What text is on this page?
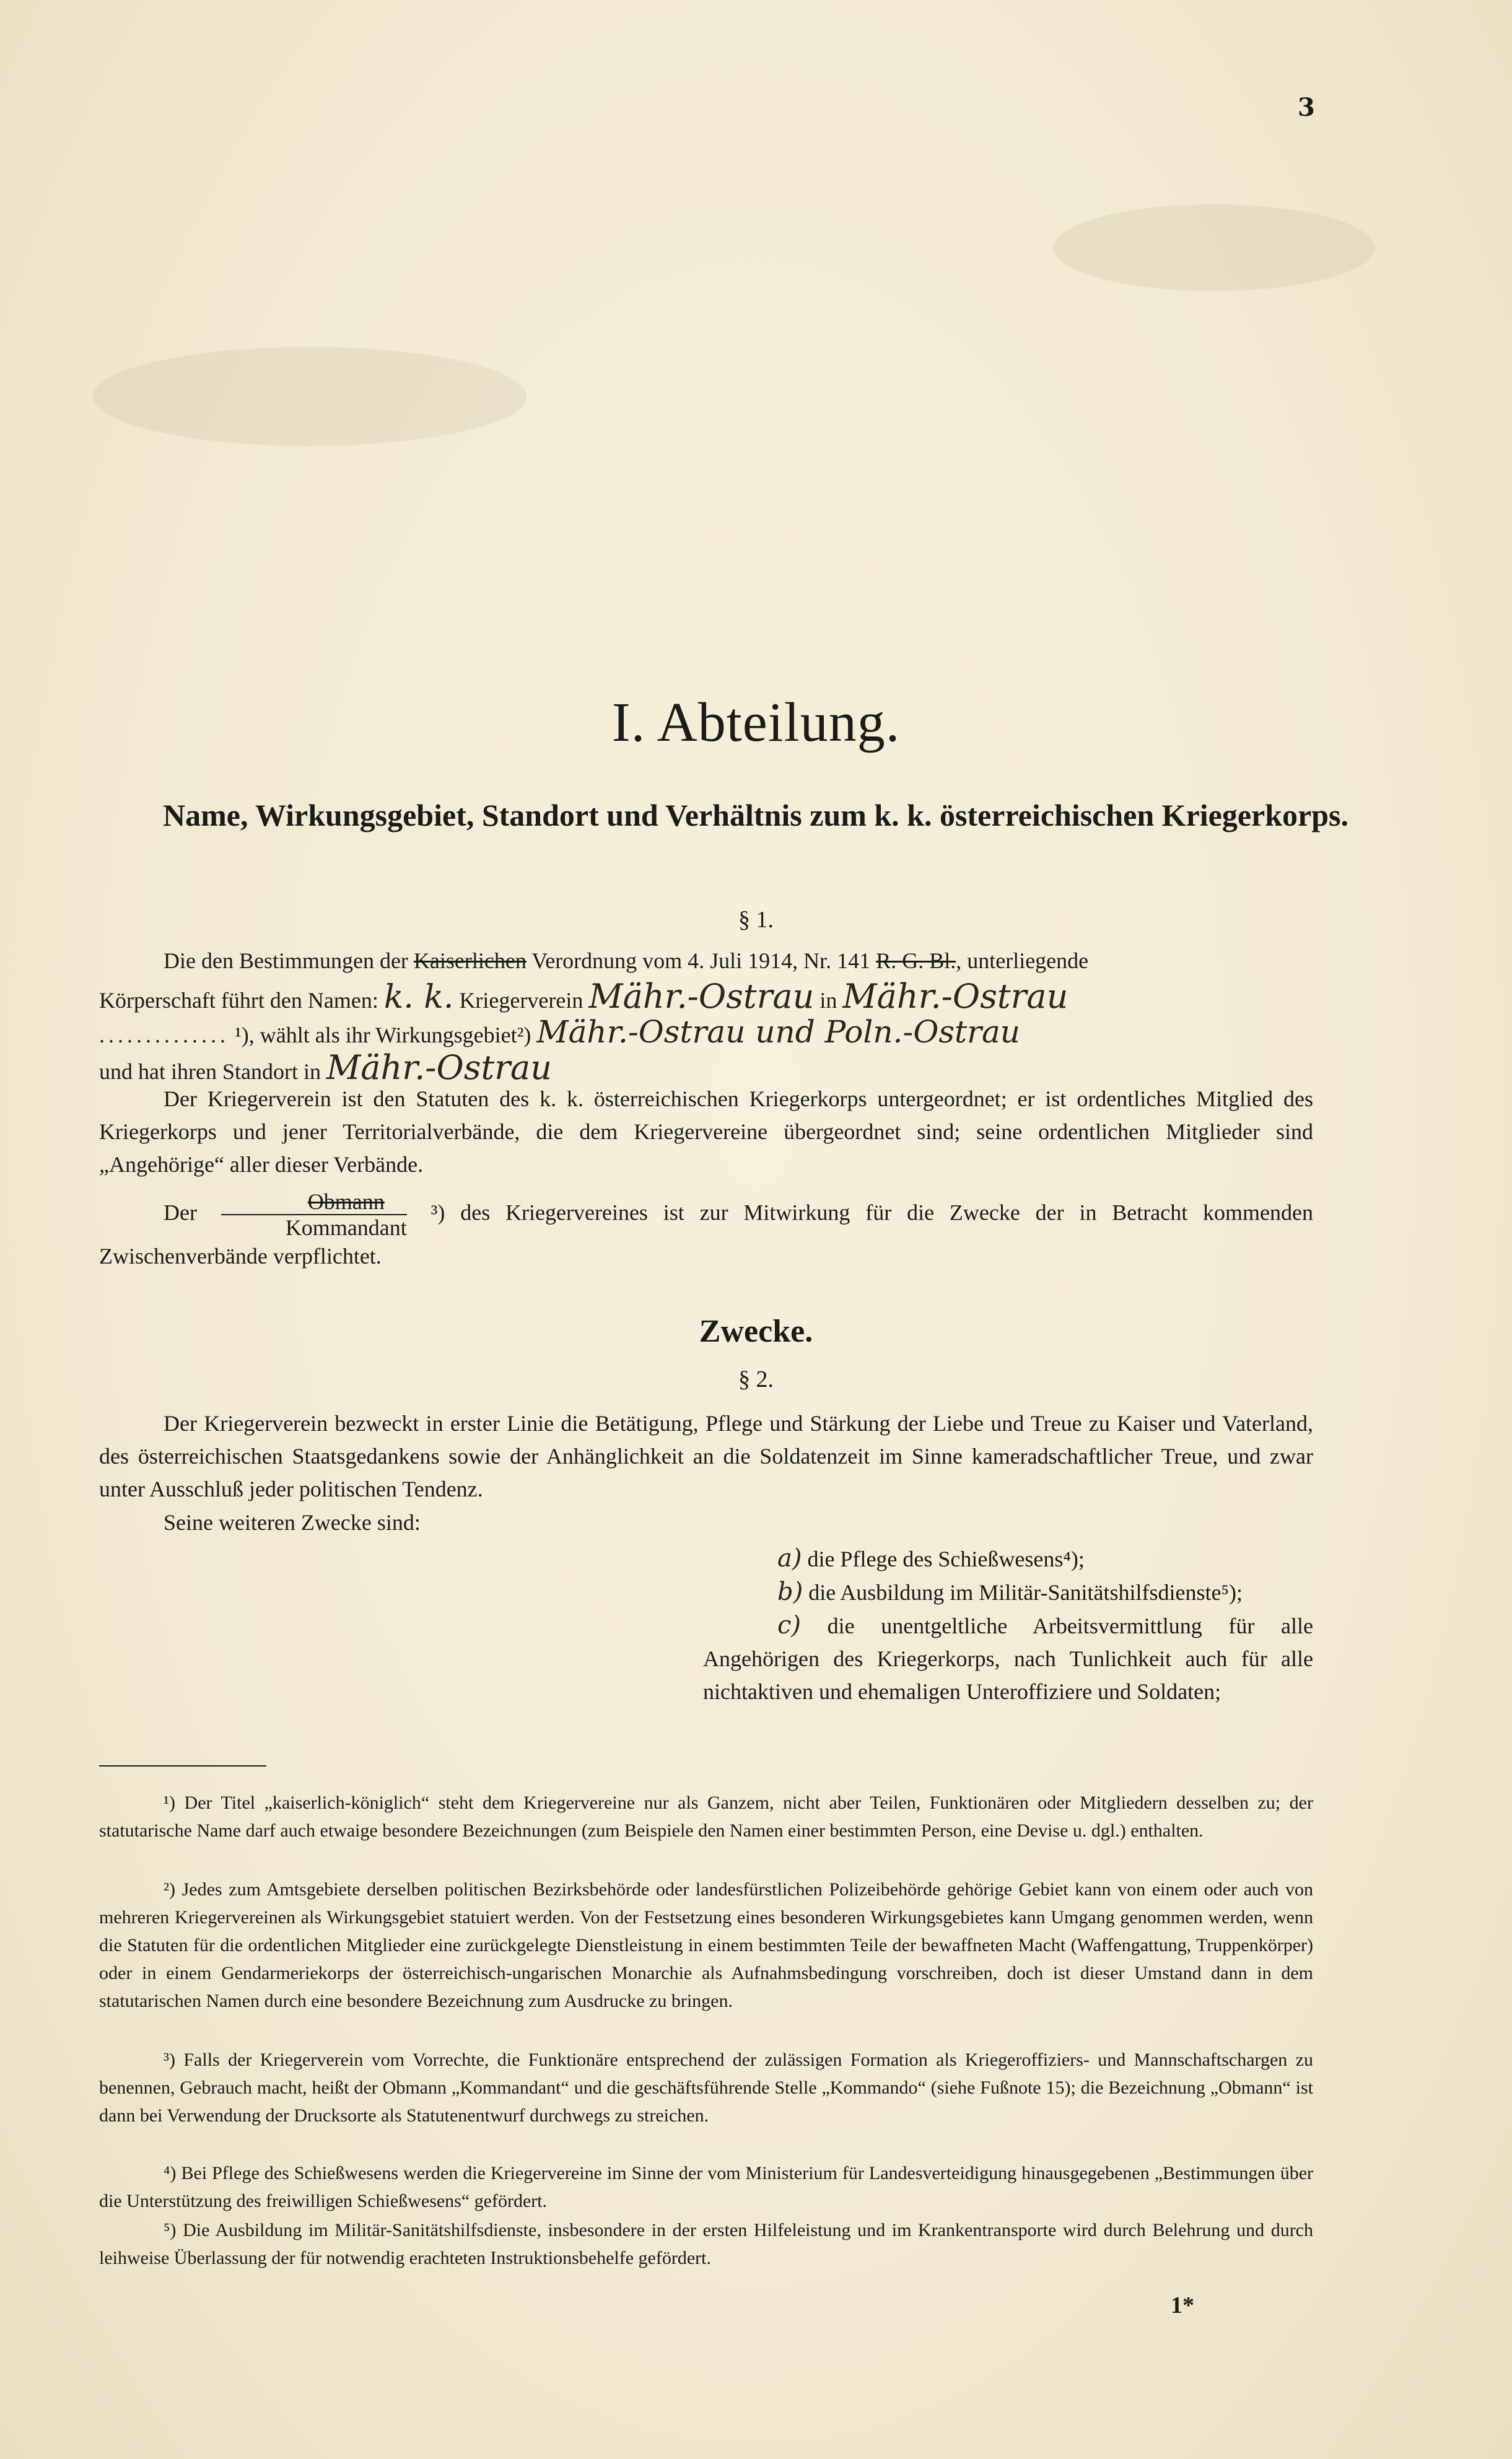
3
I. Abteilung.
Name, Wirkungsgebiet, Standort und Verhältnis zum k. k. österreichischen Kriegerkorps.
§ 1.
Die den Bestimmungen der Kaiserlichen Verordnung vom 4. Juli 1914, Nr. 141 R. G. Bl., unterliegende
Körperschaft führt den Namen: k. k. Kriegerverein Mähr.-Ostrau in Mähr.-Ostrau
.............. ¹), wählt als ihr Wirkungsgebiet²) Mähr.-Ostrau und Poln.-Ostrau
und hat ihren Standort in Mähr.-Ostrau
Der Kriegerverein ist den Statuten des k. k. österreichischen Kriegerkorps untergeordnet; er ist ordentliches Mitglied des Kriegerkorps und jener Territorialverbände, die dem Kriegervereine übergeordnet sind; seine ordentlichen Mitglieder sind „Angehörige“ aller dieser Verbände.
Der $\frac{\text{Obmann}}{\text{Kommandant}} ^3$) des Kriegervereines ist zur Mitwirkung für die Zwecke der in Betracht kommenden Zwischenverbände verpflichtet.
Zwecke.
§ 2.
Der Kriegerverein bezweckt in erster Linie die Betätigung, Pflege und Stärkung der Liebe und Treue zu Kaiser und Vaterland, des österreichischen Staatsgedankens sowie der Anhänglichkeit an die Soldatenzeit im Sinne kameradschaftlicher Treue, und zwar unter Ausschluß jeder politischen Tendenz.
Seine weiteren Zwecke sind:
a) die Pflege des Schießwesens⁴);
b) die Ausbildung im Militär-Sanitätshilfsdienste⁵);
c) die unentgeltliche Arbeitsvermittlung für alle Angehörigen des Kriegerkorps, nach Tunlichkeit auch für alle nichtaktiven und ehemaligen Unteroffiziere und Soldaten;
¹) Der Titel „kaiserlich-königlich“ steht dem Kriegervereine nur als Ganzem, nicht aber Teilen, Funktionären oder Mitgliedern desselben zu; der statutarische Name darf auch etwaige besondere Bezeichnungen (zum Beispiele den Namen einer bestimmten Person, eine Devise u. dgl.) enthalten.
²) Jedes zum Amtsgebiete derselben politischen Bezirksbehörde oder landesfürstlichen Polizeibehörde gehörige Gebiet kann von einem oder auch von mehreren Kriegervereinen als Wirkungsgebiet statuiert werden. Von der Festsetzung eines besonderen Wirkungsgebietes kann Umgang genommen werden, wenn die Statuten für die ordentlichen Mitglieder eine zurückgelegte Dienstleistung in einem bestimmten Teile der bewaffneten Macht (Waffengattung, Truppenkörper) oder in einem Gendarmeriekorps der österreichisch-ungarischen Monarchie als Aufnahmsbedingung vorschreiben, doch ist dieser Umstand dann in dem statutarischen Namen durch eine besondere Bezeichnung zum Ausdrucke zu bringen.
³) Falls der Kriegerverein vom Vorrechte, die Funktionäre entsprechend der zulässigen Formation als Kriegeroffiziers- und Mannschaftschargen zu benennen, Gebrauch macht, heißt der Obmann „Kommandant“ und die geschäftsführende Stelle „Kommando“ (siehe Fußnote 15); die Bezeichnung „Obmann“ ist dann bei Verwendung der Drucksorte als Statutenentwurf durchwegs zu streichen.
⁴) Bei Pflege des Schießwesens werden die Kriegervereine im Sinne der vom Ministerium für Landesverteidigung hinausgegebenen „Bestimmungen über die Unterstützung des freiwilligen Schießwesens“ gefördert.
⁵) Die Ausbildung im Militär-Sanitätshilfsdienste, insbesondere in der ersten Hilfeleistung und im Krankentransporte wird durch Belehrung und durch leihweise Überlassung der für notwendig erachteten Instruktionsbehelfe gefördert.
1*
